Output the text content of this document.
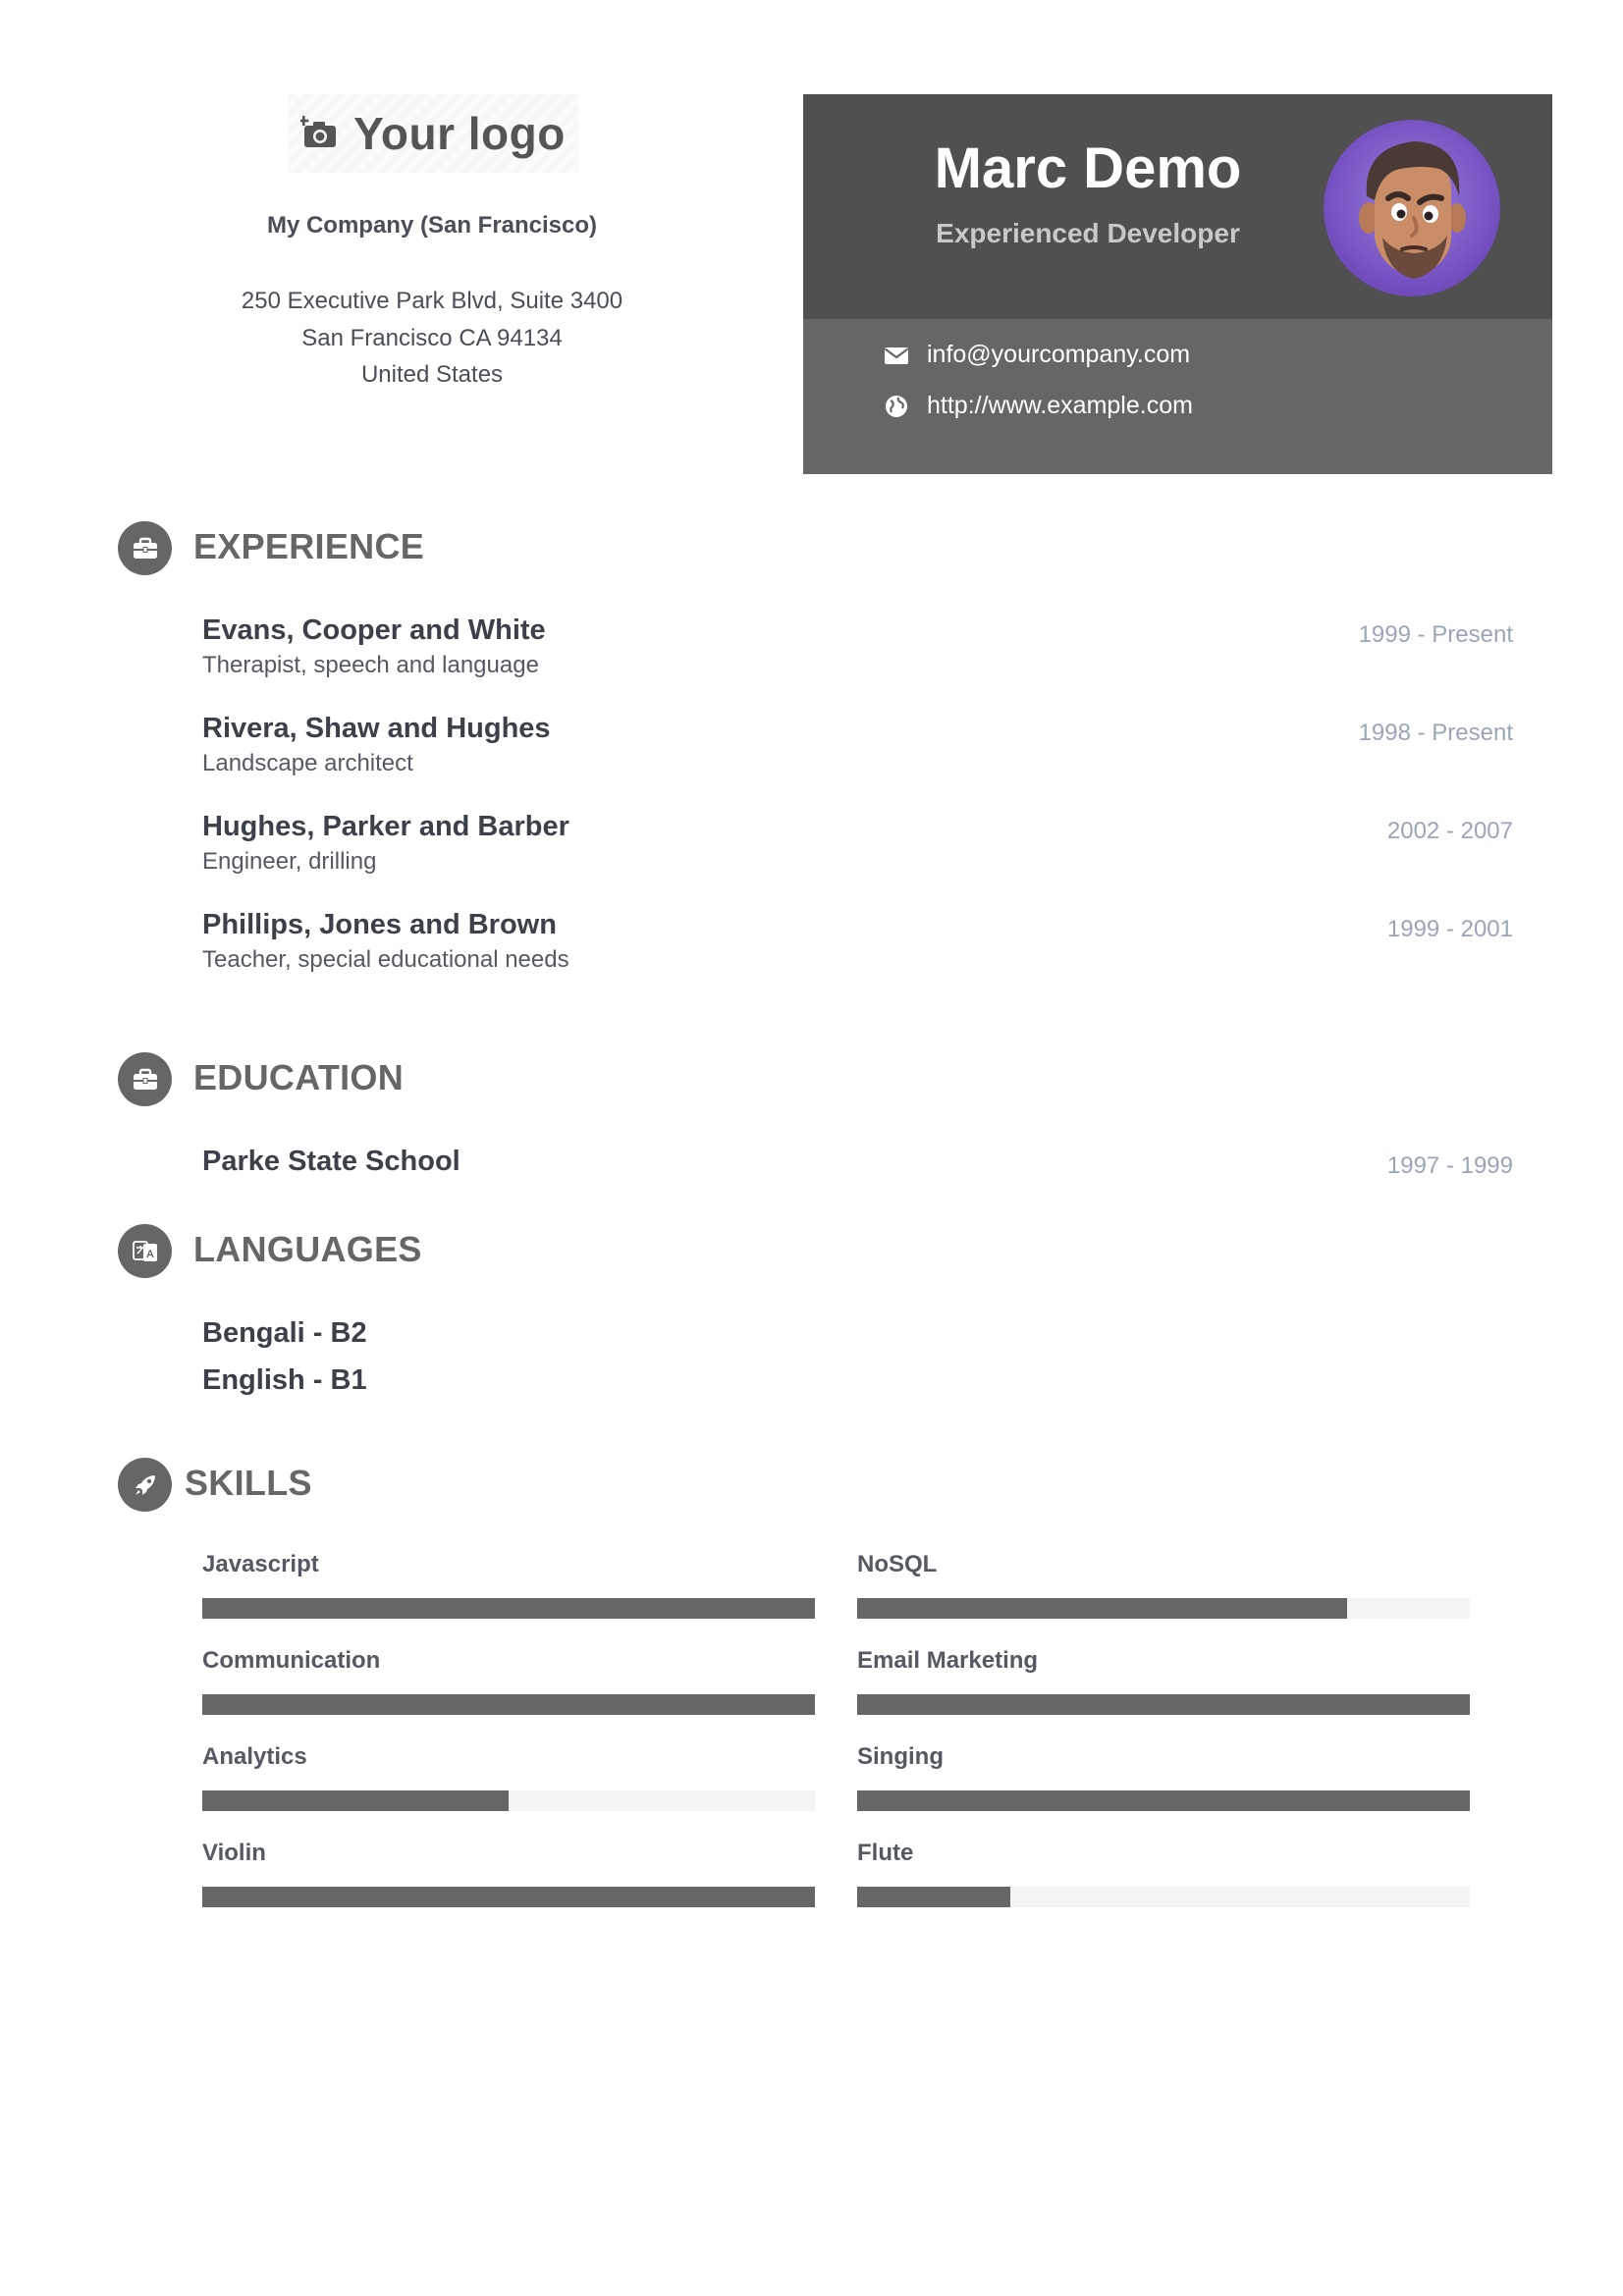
Your logo
My Company (San Francisco)
250 Executive Park Blvd, Suite 3400
San Francisco CA 94134
United States
Marc Demo
Experienced Developer
info@yourcompany.com
http://www.example.com
EXPERIENCE
Evans, Cooper and White
Therapist, speech and language
1999 - Present
Rivera, Shaw and Hughes
Landscape architect
1998 - Present
Hughes, Parker and Barber
Engineer, drilling
2002 - 2007
Phillips, Jones and Brown
Teacher, special educational needs
1999 - 2001
EDUCATION
Parke State School	1997 - 1999
A LANGUAGES
Bengali - B2
English - B1
SKILLS
Javascript	NoSQL
Communication	Email Marketing
Analytics	Singing
Violin	Flute
